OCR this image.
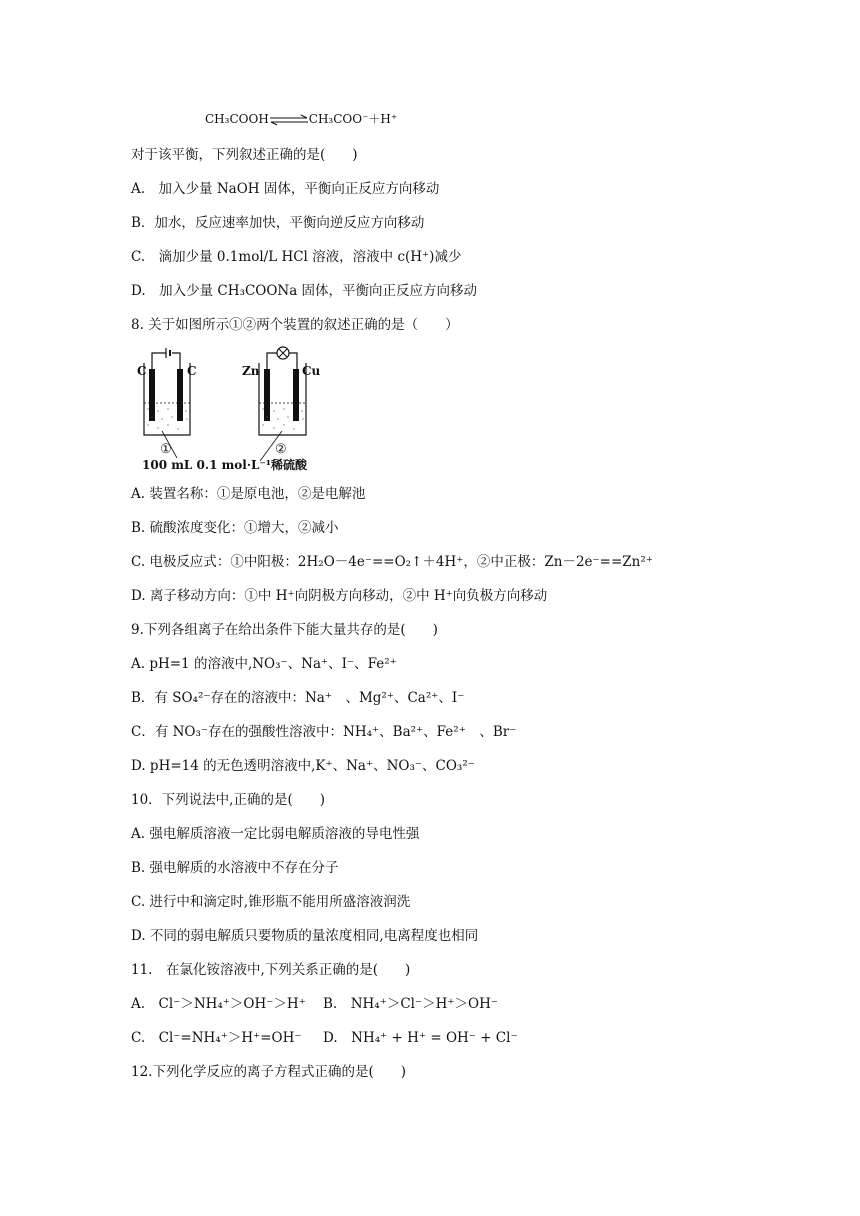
CH₃COOH⇌CH₃COO⁻＋H⁺
对于该平衡，下列叙述正确的是(　　)
A.　加入少量 NaOH 固体，平衡向正反应方向移动
B．加水，反应速率加快，平衡向逆反应方向移动
C.　滴加少量 0.1mol/L HCl 溶液，溶液中 c(H⁺)减少
D.　加入少量 CH₃COONa 固体，平衡向正反应方向移动
8. 关于如图所示①②两个装置的叙述正确的是（　　）
C	C
①
Zn	Cu
②
100 mL 0.1 mol·L⁻¹稀硫酸
A. 装置名称：①是原电池，②是电解池
B. 硫酸浓度变化：①增大，②减小
C. 电极反应式：①中阳极：2H₂O－4e⁻==O₂↑＋4H⁺，②中正极：Zn－2e⁻==Zn²⁺
D. 离子移动方向：①中 H⁺向阴极方向移动，②中 H⁺向负极方向移动
9.下列各组离子在给出条件下能大量共存的是(　　)
A. pH=1 的溶液中,NO₃⁻、Na⁺、I⁻、Fe²⁺
B．有 SO₄²⁻存在的溶液中：Na⁺　、Mg²⁺、Ca²⁺、I⁻
C．有 NO₃⁻存在的强酸性溶液中：NH₄⁺、Ba²⁺、Fe²⁺　、Br⁻
D. pH=14 的无色透明溶液中,K⁺、Na⁺、NO₃⁻、CO₃²⁻
10．下列说法中,正确的是(　　)
A. 强电解质溶液一定比弱电解质溶液的导电性强
B. 强电解质的水溶液中不存在分子
C. 进行中和滴定时,锥形瓶不能用所盛溶液润洗
D. 不同的弱电解质只要物质的量浓度相同,电离程度也相同
11.　在氯化铵溶液中,下列关系正确的是(　　)
A.　Cl⁻＞NH₄⁺＞OH⁻＞H⁺ B.　NH₄⁺＞Cl⁻＞H⁺＞OH⁻
C.　Cl⁻=NH₄⁺＞H⁺=OH⁻ D.　NH₄⁺ + H⁺ = OH⁻ + Cl⁻
12.下列化学反应的离子方程式正确的是(　　)
